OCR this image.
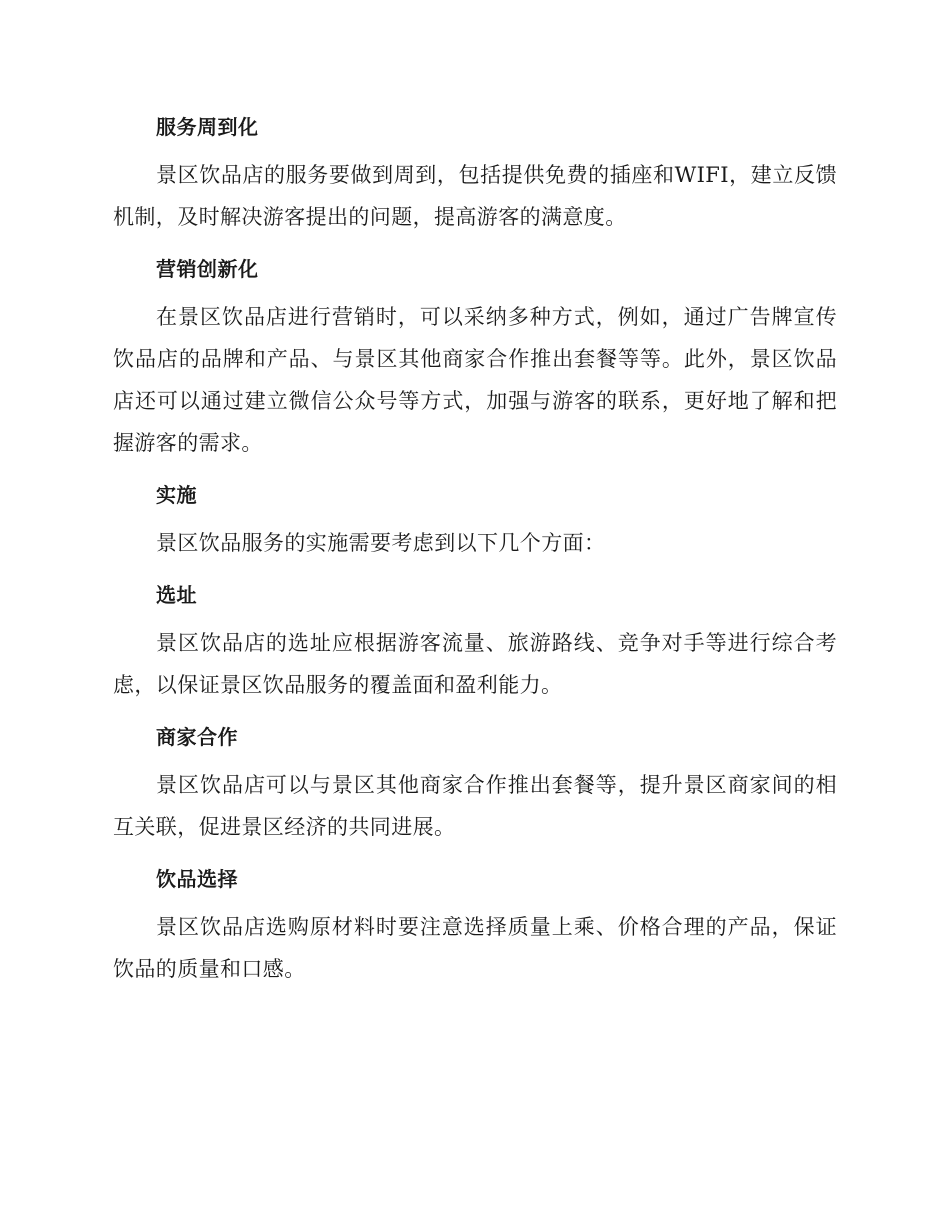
服务周到化

景区饮品店的服务要做到周到，包括提供免费的插座和WIFI，建立反馈机制，及时解决游客提出的问题，提高游客的满意度。

营销创新化

在景区饮品店进行营销时，可以采纳多种方式，例如，通过广告牌宣传饮品店的品牌和产品、与景区其他商家合作推出套餐等等。此外，景区饮品店还可以通过建立微信公众号等方式，加强与游客的联系，更好地了解和把握游客的需求。

实施

景区饮品服务的实施需要考虑到以下几个方面：

选址

景区饮品店的选址应根据游客流量、旅游路线、竞争对手等进行综合考虑，以保证景区饮品服务的覆盖面和盈利能力。

商家合作

景区饮品店可以与景区其他商家合作推出套餐等，提升景区商家间的相互关联，促进景区经济的共同进展。

饮品选择

景区饮品店选购原材料时要注意选择质量上乘、价格合理的产品，保证饮品的质量和口感。
